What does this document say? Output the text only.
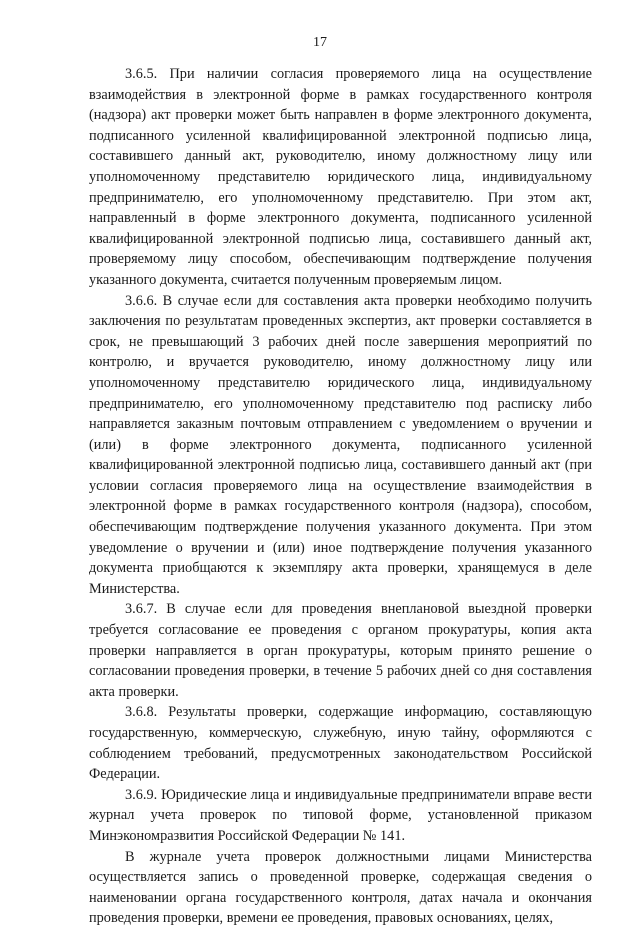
17

3.6.5. При наличии согласия проверяемого лица на осуществление взаимодействия в электронной форме в рамках государственного контроля (надзора) акт проверки может быть направлен в форме электронного документа, подписанного усиленной квалифицированной электронной подписью лица, составившего данный акт, руководителю, иному должностному лицу или уполномоченному представителю юридического лица, индивидуальному предпринимателю, его уполномоченному представителю. При этом акт, направленный в форме электронного документа, подписанного усиленной квалифицированной электронной подписью лица, составившего данный акт, проверяемому лицу способом, обеспечивающим подтверждение получения указанного документа, считается полученным проверяемым лицом.

3.6.6. В случае если для составления акта проверки необходимо получить заключения по результатам проведенных экспертиз, акт проверки составляется в срок, не превышающий 3 рабочих дней после завершения мероприятий по контролю, и вручается руководителю, иному должностному лицу или уполномоченному представителю юридического лица, индивидуальному предпринимателю, его уполномоченному представителю под расписку либо направляется заказным почтовым отправлением с уведомлением о вручении и (или) в форме электронного документа, подписанного усиленной квалифицированной электронной подписью лица, составившего данный акт (при условии согласия проверяемого лица на осуществление взаимодействия в электронной форме в рамках государственного контроля (надзора), способом, обеспечивающим подтверждение получения указанного документа. При этом уведомление о вручении и (или) иное подтверждение получения указанного документа приобщаются к экземпляру акта проверки, хранящемуся в деле Министерства.

3.6.7. В случае если для проведения внеплановой выездной проверки требуется согласование ее проведения с органом прокуратуры, копия акта проверки направляется в орган прокуратуры, которым принято решение о согласовании проведения проверки, в течение 5 рабочих дней со дня составления акта проверки.

3.6.8. Результаты проверки, содержащие информацию, составляющую государственную, коммерческую, служебную, иную тайну, оформляются с соблюдением требований, предусмотренных законодательством Российской Федерации.

3.6.9. Юридические лица и индивидуальные предприниматели вправе вести журнал учета проверок по типовой форме, установленной приказом Минэкономразвития Российской Федерации № 141.

В журнале учета проверок должностными лицами Министерства осуществляется запись о проведенной проверке, содержащая сведения о наименовании органа государственного контроля, датах начала и окончания проведения проверки, времени ее проведения, правовых основаниях, целях,
